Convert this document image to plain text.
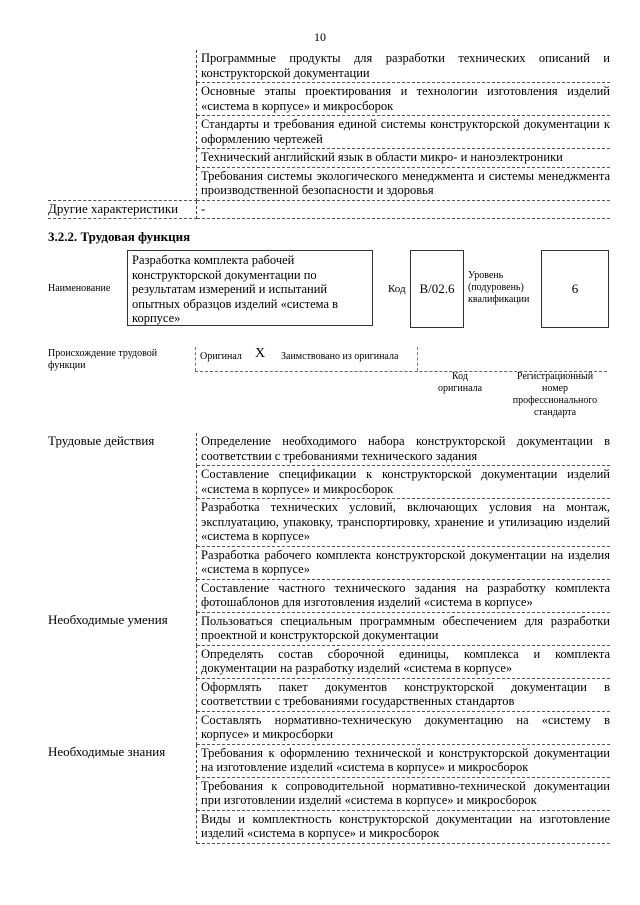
10
	Программные продукты для разработки технических описаний и конструкторской документации
	Основные этапы проектирования и технологии изготовления изделий «система в корпусе» и микросборок
	Стандарты и требования единой системы конструкторской документации к оформлению чертежей
	Технический английский язык в области микро- и наноэлектроники
	Требования системы экологического менеджмента и системы менеджмента производственной безопасности и здоровья
Другие характеристики	-
3.2.2. Трудовая функция
Наименование
Разработка комплекта рабочей конструкторской документации по результатам измерений и испытаний опытных образцов изделий «система в корпусе»
Код	B/02.6
Уровень (подуровень) квалификации
6
Происхождение трудовой функции
Оригинал X Заимствовано из оригинала
Код оригинала
Регистрационный номер профессионального стандарта
Трудовые действия	Определение необходимого набора конструкторской документации в соответствии с требованиями технического задания
	Составление спецификации к конструкторской документации изделий «система в корпусе» и микросборок
	Разработка технических условий, включающих условия на монтаж, эксплуатацию, упаковку, транспортировку, хранение и утилизацию изделий «система в корпусе»
	Разработка рабочего комплекта конструкторской документации на изделия «система в корпусе»
	Составление частного технического задания на разработку комплекта фотошаблонов для изготовления изделий «система в корпусе»
Необходимые умения	Пользоваться специальным программным обеспечением для разработки проектной и конструкторской документации
	Определять состав сборочной единицы, комплекса и комплекта документации на разработку изделий «система в корпусе»
	Оформлять пакет документов конструкторской документации в соответствии с требованиями государственных стандартов
	Составлять нормативно-техническую документацию на «систему в корпусе» и микросборки
Необходимые знания	Требования к оформлению технической и конструкторской документации на изготовление изделий «система в корпусе» и микросборок
	Требования к сопроводительной нормативно-технической документации при изготовлении изделий «система в корпусе» и микросборок
	Виды и комплектность конструкторской документации на изготовление изделий «система в корпусе» и микросборок
